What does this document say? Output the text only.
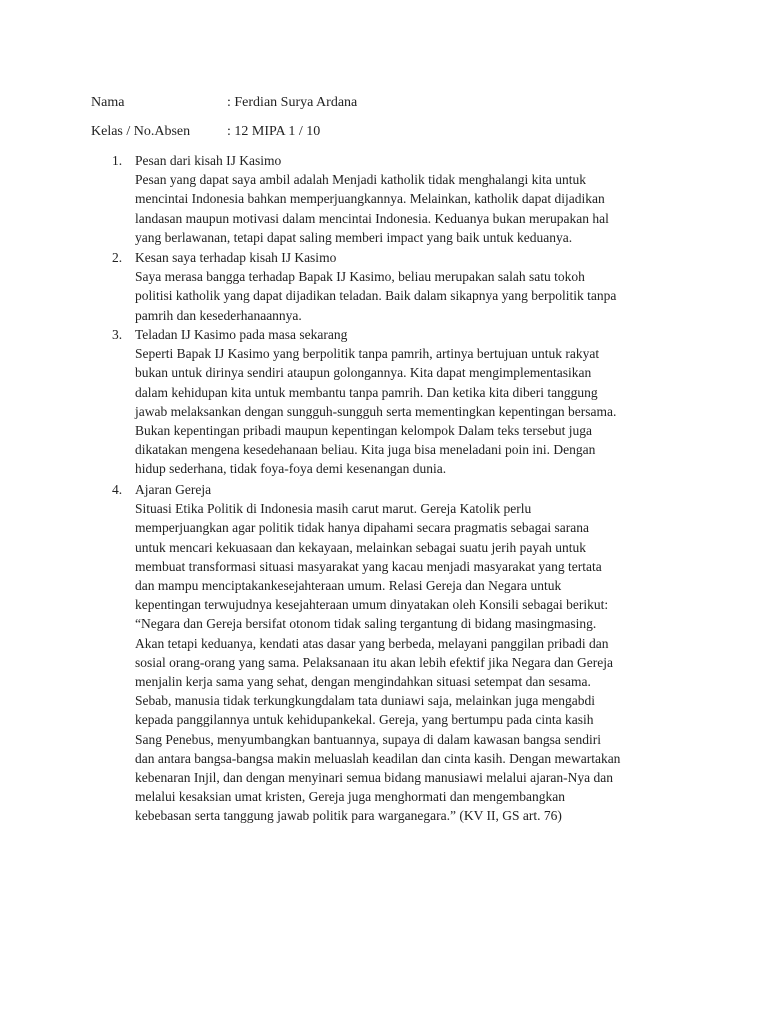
Nama	: Ferdian Surya Ardana
Kelas / No.Absen	: 12 MIPA 1 / 10
1. Pesan dari kisah IJ Kasimo
Pesan yang dapat saya ambil adalah Menjadi katholik tidak menghalangi kita untuk
mencintai Indonesia bahkan memperjuangkannya. Melainkan, katholik dapat dijadikan
landasan maupun motivasi dalam mencintai Indonesia. Keduanya bukan merupakan hal
yang berlawanan, tetapi dapat saling memberi impact yang baik untuk keduanya.
2. Kesan saya terhadap kisah IJ Kasimo
Saya merasa bangga terhadap Bapak IJ Kasimo, beliau merupakan salah satu tokoh
politisi katholik yang dapat dijadikan teladan. Baik dalam sikapnya yang berpolitik tanpa
pamrih dan kesederhanaannya.
3. Teladan IJ Kasimo pada masa sekarang
Seperti Bapak IJ Kasimo yang berpolitik tanpa pamrih, artinya bertujuan untuk rakyat
bukan untuk dirinya sendiri ataupun golongannya. Kita dapat mengimplementasikan
dalam kehidupan kita untuk membantu tanpa pamrih. Dan ketika kita diberi tanggung
jawab melaksankan dengan sungguh-sungguh serta mementingkan kepentingan bersama.
Bukan kepentingan pribadi maupun kepentingan kelompok Dalam teks tersebut juga
dikatakan mengena kesedehanaan beliau. Kita juga bisa meneladani poin ini. Dengan
hidup sederhana, tidak foya-foya demi kesenangan dunia.
4. Ajaran Gereja
Situasi Etika Politik di Indonesia masih carut marut. Gereja Katolik perlu
memperjuangkan agar politik tidak hanya dipahami secara pragmatis sebagai sarana
untuk mencari kekuasaan dan kekayaan, melainkan sebagai suatu jerih payah untuk
membuat transformasi situasi masyarakat yang kacau menjadi masyarakat yang tertata
dan mampu menciptakankesejahteraan umum. Relasi Gereja dan Negara untuk
kepentingan terwujudnya kesejahteraan umum dinyatakan oleh Konsili sebagai berikut:
“Negara dan Gereja bersifat otonom tidak saling tergantung di bidang masingmasing.
Akan tetapi keduanya, kendati atas dasar yang berbeda, melayani panggilan pribadi dan
sosial orang-orang yang sama. Pelaksanaan itu akan lebih efektif jika Negara dan Gereja
menjalin kerja sama yang sehat, dengan mengindahkan situasi setempat dan sesama.
Sebab, manusia tidak terkungkungdalam tata duniawi saja, melainkan juga mengabdi
kepada panggilannya untuk kehidupankekal. Gereja, yang bertumpu pada cinta kasih
Sang Penebus, menyumbangkan bantuannya, supaya di dalam kawasan bangsa sendiri
dan antara bangsa-bangsa makin meluaslah keadilan dan cinta kasih. Dengan mewartakan
kebenaran Injil, dan dengan menyinari semua bidang manusiawi melalui ajaran-Nya dan
melalui kesaksian umat kristen, Gereja juga menghormati dan mengembangkan
kebebasan serta tanggung jawab politik para warganegara.” (KV II, GS art. 76)
